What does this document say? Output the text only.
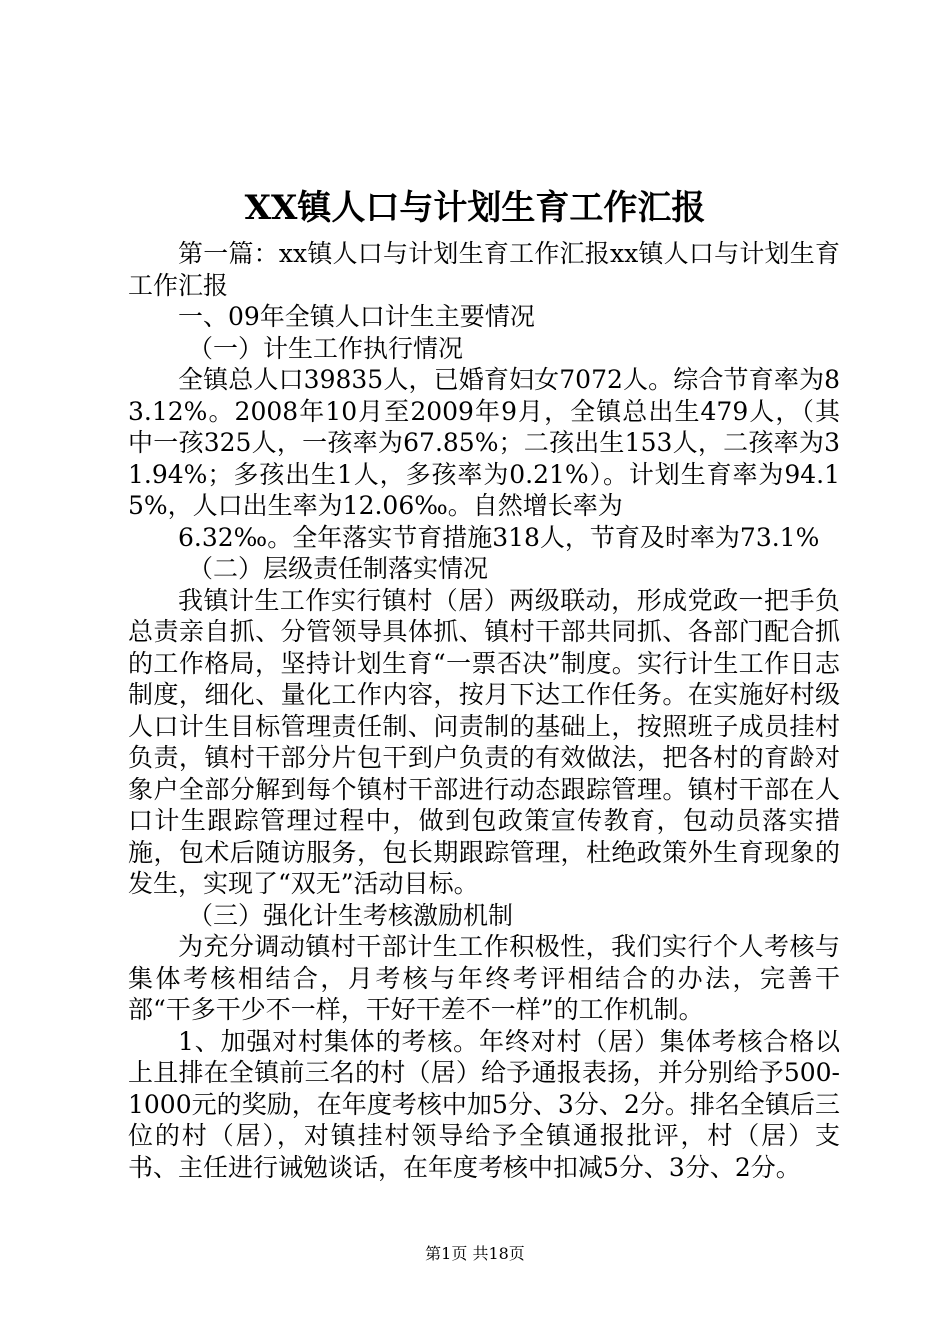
XX镇人口与计划生育工作汇报

第一篇：xx镇人口与计划生育工作汇报xx镇人口与计划生育工作汇报

一、09年全镇人口计生主要情况

（一）计生工作执行情况

全镇总人口39835人，已婚育妇女7072人。综合节育率为83.12%。2008年10月至2009年9月，全镇总出生479人，（其中一孩325人，一孩率为67.85%；二孩出生153人，二孩率为31.94%；多孩出生1人，多孩率为0.21%）。计划生育率为94.15%，人口出生率为12.06‰。自然增长率为

6.32‰。全年落实节育措施318人，节育及时率为73.1%

（二）层级责任制落实情况

我镇计生工作实行镇村（居）两级联动，形成党政一把手负总责亲自抓、分管领导具体抓、镇村干部共同抓、各部门配合抓的工作格局，坚持计划生育“一票否决”制度。实行计生工作日志制度，细化、量化工作内容，按月下达工作任务。在实施好村级人口计生目标管理责任制、问责制的基础上，按照班子成员挂村负责，镇村干部分片包干到户负责的有效做法，把各村的育龄对象户全部分解到每个镇村干部进行动态跟踪管理。镇村干部在人口计生跟踪管理过程中，做到包政策宣传教育，包动员落实措施，包术后随访服务，包长期跟踪管理，杜绝政策外生育现象的发生，实现了“双无”活动目标。

（三）强化计生考核激励机制

为充分调动镇村干部计生工作积极性，我们实行个人考核与集体考核相结合，月考核与年终考评相结合的办法，完善干部“干多干少不一样，干好干差不一样”的工作机制。

1、加强对村集体的考核。年终对村（居）集体考核合格以上且排在全镇前三名的村（居）给予通报表扬，并分别给予500-1000元的奖励，在年度考核中加5分、3分、2分。排名全镇后三位的村（居），对镇挂村领导给予全镇通报批评，村（居）支书、主任进行诫勉谈话，在年度考核中扣减5分、3分、2分。

第1页 共18页
